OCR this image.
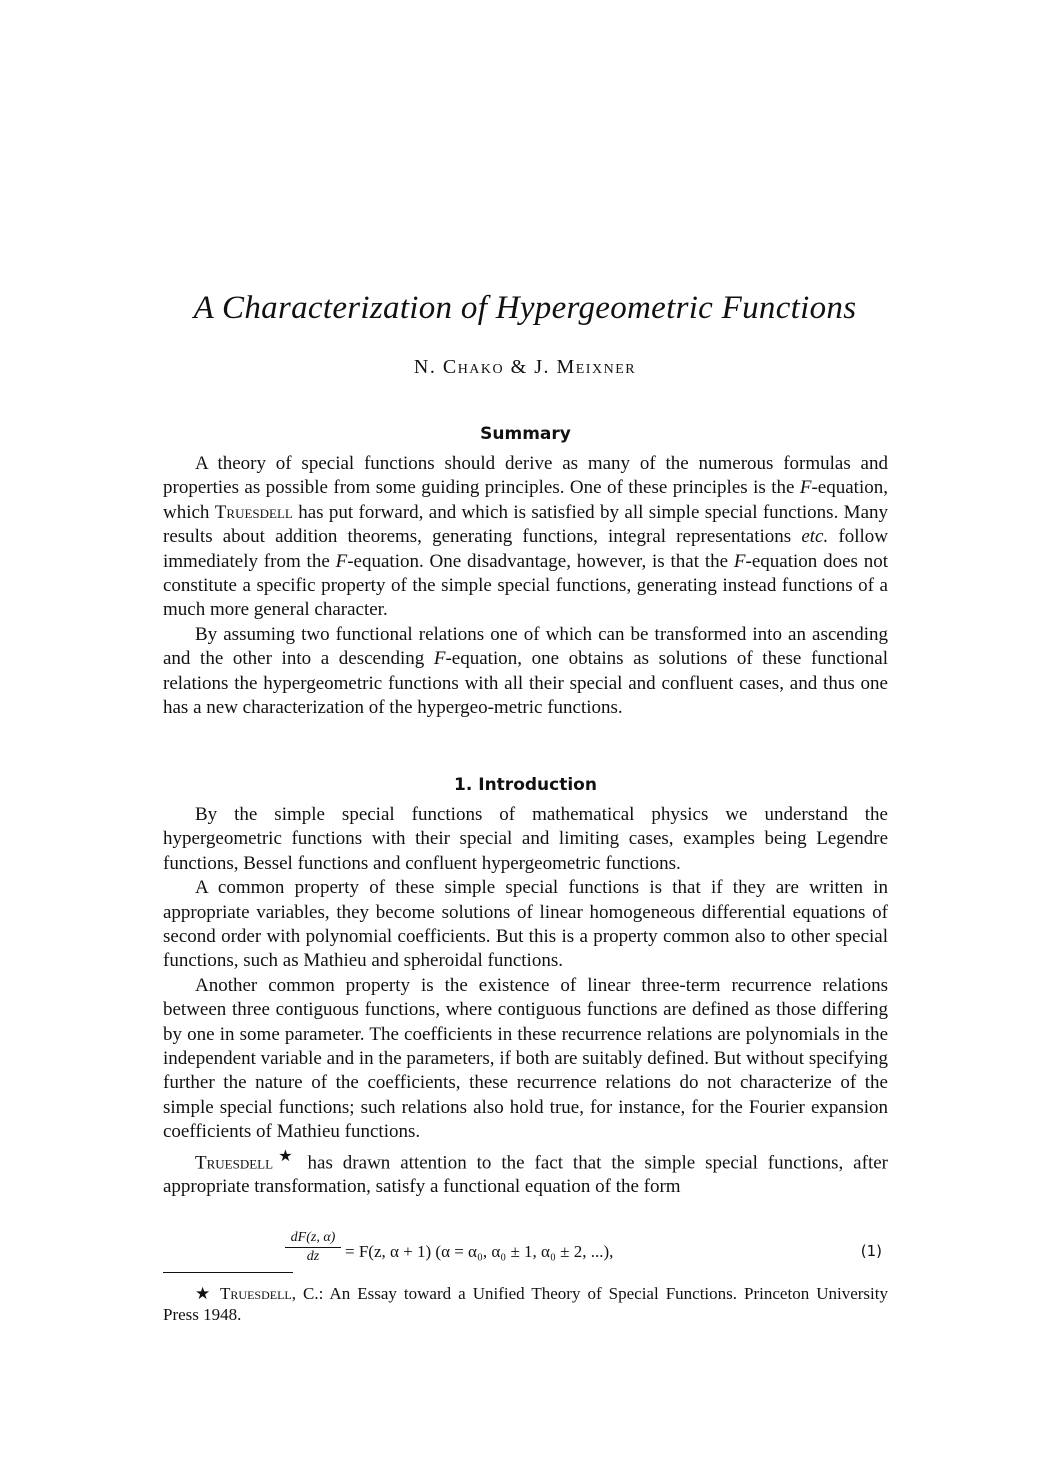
A Characterization of Hypergeometric Functions
N. Chako & J. Meixner
Summary

A theory of special functions should derive as many of the numerous formulas and properties as possible from some guiding principles. One of these principles is the F-equation, which Truesdell has put forward, and which is satisfied by all simple special functions. Many results about addition theorems, generating functions, integral representations etc. follow immediately from the F-equation. One disadvantage, however, is that the F-equation does not constitute a specific property of the simple special functions, generating instead functions of a much more general character.

By assuming two functional relations one of which can be transformed into an ascending and the other into a descending F-equation, one obtains as solutions of these functional relations the hypergeometric functions with all their special and confluent cases, and thus one has a new characterization of the hypergeo-metric functions.

1. Introduction

By the simple special functions of mathematical physics we understand the hypergeometric functions with their special and limiting cases, examples being Legendre functions, Bessel functions and confluent hypergeometric functions.

A common property of these simple special functions is that if they are written in appropriate variables, they become solutions of linear homogeneous differential equations of second order with polynomial coefficients. But this is a property common also to other special functions, such as Mathieu and spheroidal functions.

Another common property is the existence of linear three-term recurrence relations between three contiguous functions, where contiguous functions are defined as those differing by one in some parameter. The coefficients in these recurrence relations are polynomials in the independent variable and in the parameters, if both are suitably defined. But without specifying further the nature of the coefficients, these recurrence relations do not characterize of the simple special functions; such relations also hold true, for instance, for the Fourier expansion coefficients of Mathieu functions.

Truesdell★ has drawn attention to the fact that the simple special functions, after appropriate transformation, satisfy a functional equation of the form

$\frac{dF(z, \alpha)}{dz} = F(z$, α + 1) (α = α₀, α₀ ± 1, α₀ ± 2, ...),	(1)

★ Truesdell, C.: An Essay toward a Unified Theory of Special Functions. Princeton University Press 1948.
